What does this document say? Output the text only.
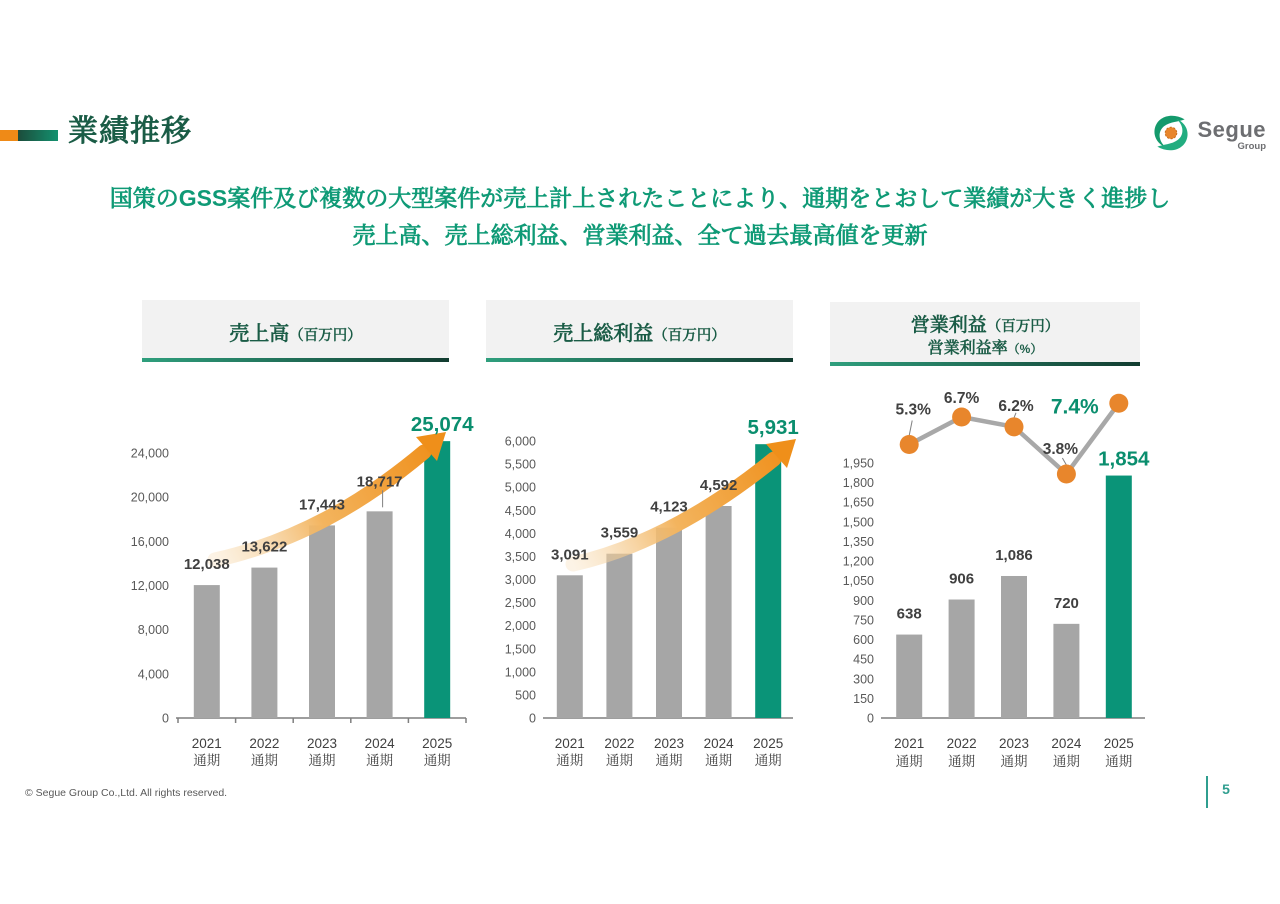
業績推移	Segue
Group
国策のGSS案件及び複数の大型案件が売上計上されたことにより、通期をとおして業績が大きく進捗し
売上高、売上総利益、営業利益、全て過去最高値を更新
売上高（百万円）	売上総利益（百万円）	営業利益（百万円）
営業利益率（%）
0
4,000
8,000
12,000
16,000
20,000
24,000
12,038
13,622
17,443
18,717
25,074
2021
通期
2022
通期
2023
通期
2024
通期
2025
通期
0
500
1,000
1,500
2,000
2,500
3,000
3,500
4,000
4,500
5,000
5,500
6,000
3,091
3,559
4,123
4,592
5,931
2021
通期
2022
通期
2023
通期
2024
通期
2025
通期
0
150
300
450
600
750
900
1,050
1,200
1,350
1,500
1,650
1,800
1,950
638
906
1,086
720
1,854
5.3%
6.7% 6.2%
3.8%
7.4%
2021
通期
2022
通期
2023
通期
2024
通期
2025
通期
© Segue Group Co.,Ltd. All rights reserved.	5
